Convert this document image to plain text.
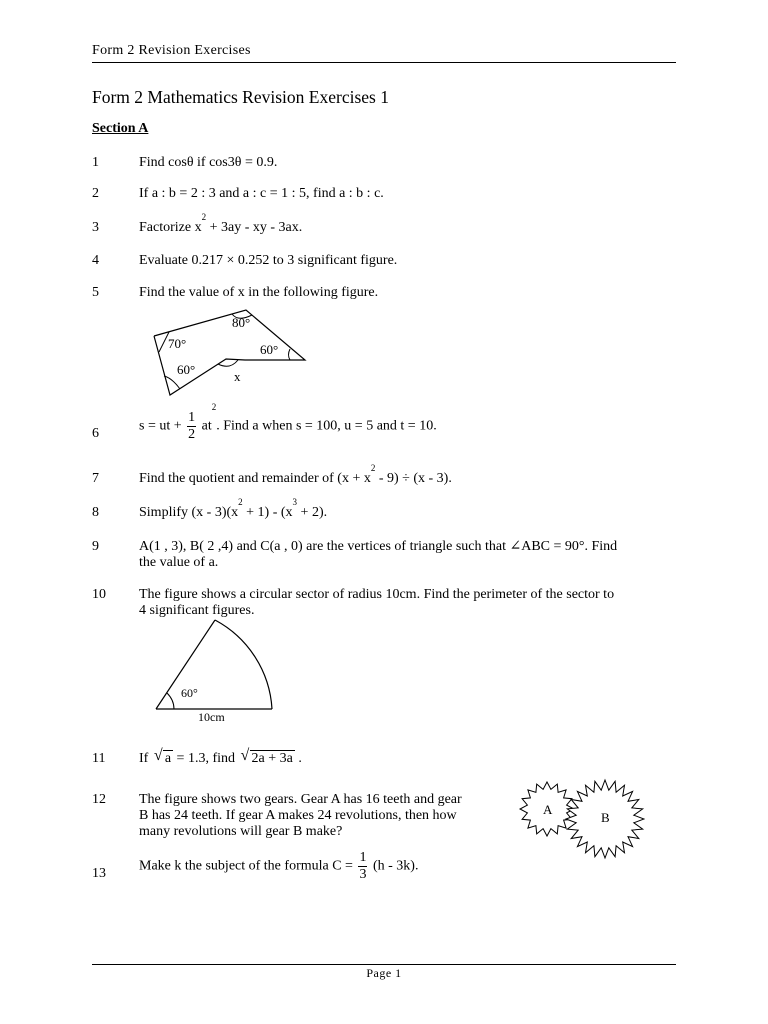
Form 2 Revision Exercises
Form 2 Mathematics Revision Exercises 1
Section A
1	Find cosθ if cos3θ = 0.9.
2	If a : b = 2 : 3 and a : c = 1 : 5, find a : b : c.
3	Factorize $x^2 + 3ay$ - xy - 3ax.
4	Evaluate 0.217 × 0.252 to 3 significant figure.
5	Find the value of x in the following figure.
80°
70°	60°
60°	x
6	s = ut + $\frac{1}{2} at^2$. Find a when s = 100, u = 5 and t = 10.
7	Find the quotient and remainder of $(x + x^2 - 9) \div (x - 3)$.
8	Simplify $(x - 3)(x^2 + 1) - (x^3 + 2)$.
9	A(1 , 3), B( 2 ,4) and C(a , 0) are the vertices of triangle such that ∠ABC = 90°. Find
the value of a.
10 The figure shows a circular sector of radius 10cm. Find the perimeter of the sector to
4 significant figures.
60°
10cm
11 If √ a = 1.3, find √ 2a + 3a .
12 The figure shows two gears. Gear A has 16 teeth and gear
B has 24 teeth. If gear A makes 24 revolutions, then how
many revolutions will gear B make?
A
B
13 Make k the subject of the formula $C = \frac{1}{3} (h - 3k)$.
Page 1
